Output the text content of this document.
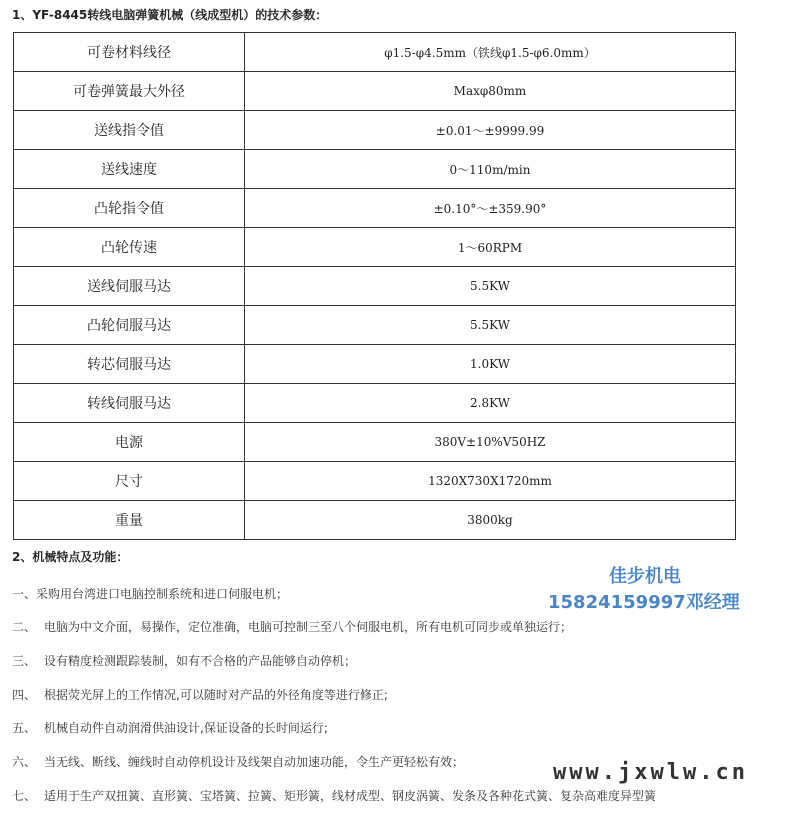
1、YF-8445转线电脑弹簧机械（线成型机）的技术参数：
可卷材料线径	φ1.5-φ4.5mm（铁线φ1.5-φ6.0mm）
可卷弹簧最大外径	Maxφ80mm
送线指令值	±0.01～±9999.99
送线速度	0～110m/min
凸轮指令值	±0.10°～±359.90°
凸轮传速	1～60RPM
送线伺服马达	5.5KW
凸轮伺服马达	5.5KW
转芯伺服马达	1.0KW
转线伺服马达	2.8KW
电源	380V±10%V50HZ
尺寸	1320X730X1720mm
重量	3800kg
2、机械特点及功能：
一、采购用台湾进口电脑控制系统和进口伺服电机；
二、 电脑为中文介面，易操作，定位准确，电脑可控制三至八个伺服电机，所有电机可同步或单独运行；
三、 设有精度检测跟踪装制，如有不合格的产品能够自动停机；
四、 根据荧光屏上的工作情况,可以随时对产品的外径角度等进行修正;
五、 机械自动件自动润滑供油设计,保证设备的长时间运行;
六、 当无线、断线、缠线时自动停机设计及线架自动加速功能，令生产更轻松有效；
七、 适用于生产双扭簧、直形簧、宝塔簧、拉簧、矩形簧，线材成型、钢皮涡簧、发条及各种花式簧、复杂高难度异型簧
佳步机电
15824159997邓经理
www.jxwlw.cn
